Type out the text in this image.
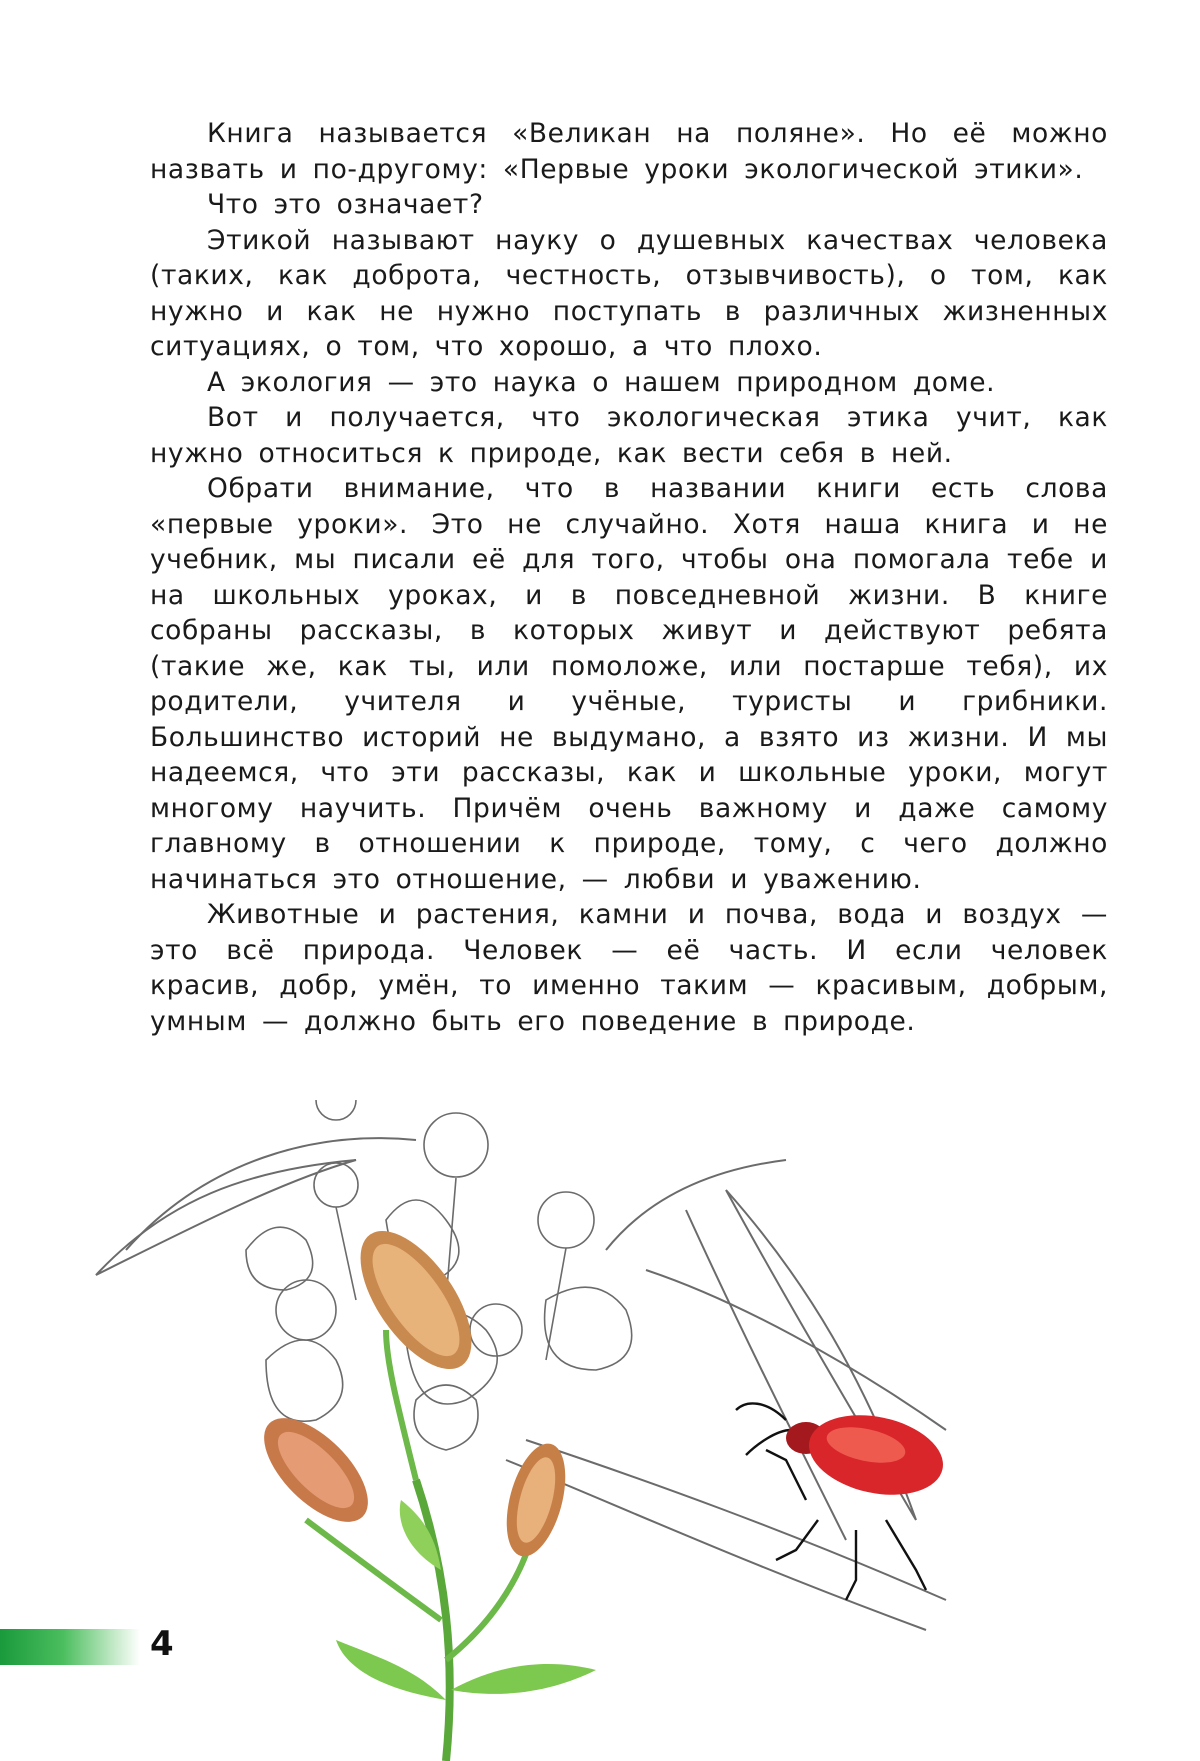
Книга называется «Великан на поляне». Но её можно назвать и по-другому: «Первые уроки экологической этики».

Что это означает?

Этикой называют науку о душевных качествах человека (таких, как доброта, честность, отзывчивость), о том, как нужно и как не нужно поступать в различных жизненных ситуациях, о том, что хорошо, а что плохо.

А экология — это наука о нашем природном доме.

Вот и получается, что экологическая этика учит, как нужно относиться к природе, как вести себя в ней.

Обрати внимание, что в названии книги есть слова «первые уроки». Это не случайно. Хотя наша книга и не учебник, мы писали её для того, чтобы она помогала тебе и на школьных уроках, и в повседневной жизни. В книге собраны рассказы, в которых живут и действуют ребята (такие же, как ты, или помоложе, или постарше тебя), их родители, учителя и учёные, туристы и грибники. Большинство историй не выдумано, а взято из жизни. И мы надеемся, что эти рассказы, как и школьные уроки, могут многому научить. Причём очень важному и даже самому главному в отношении к природе, тому, с чего должно начинаться это отношение, — любви и уважению.

Животные и растения, камни и почва, вода и воздух — это всё природа. Человек — её часть. И если человек красив, добр, умён, то именно таким — красивым, добрым, умным — должно быть его поведение в природе.

4
